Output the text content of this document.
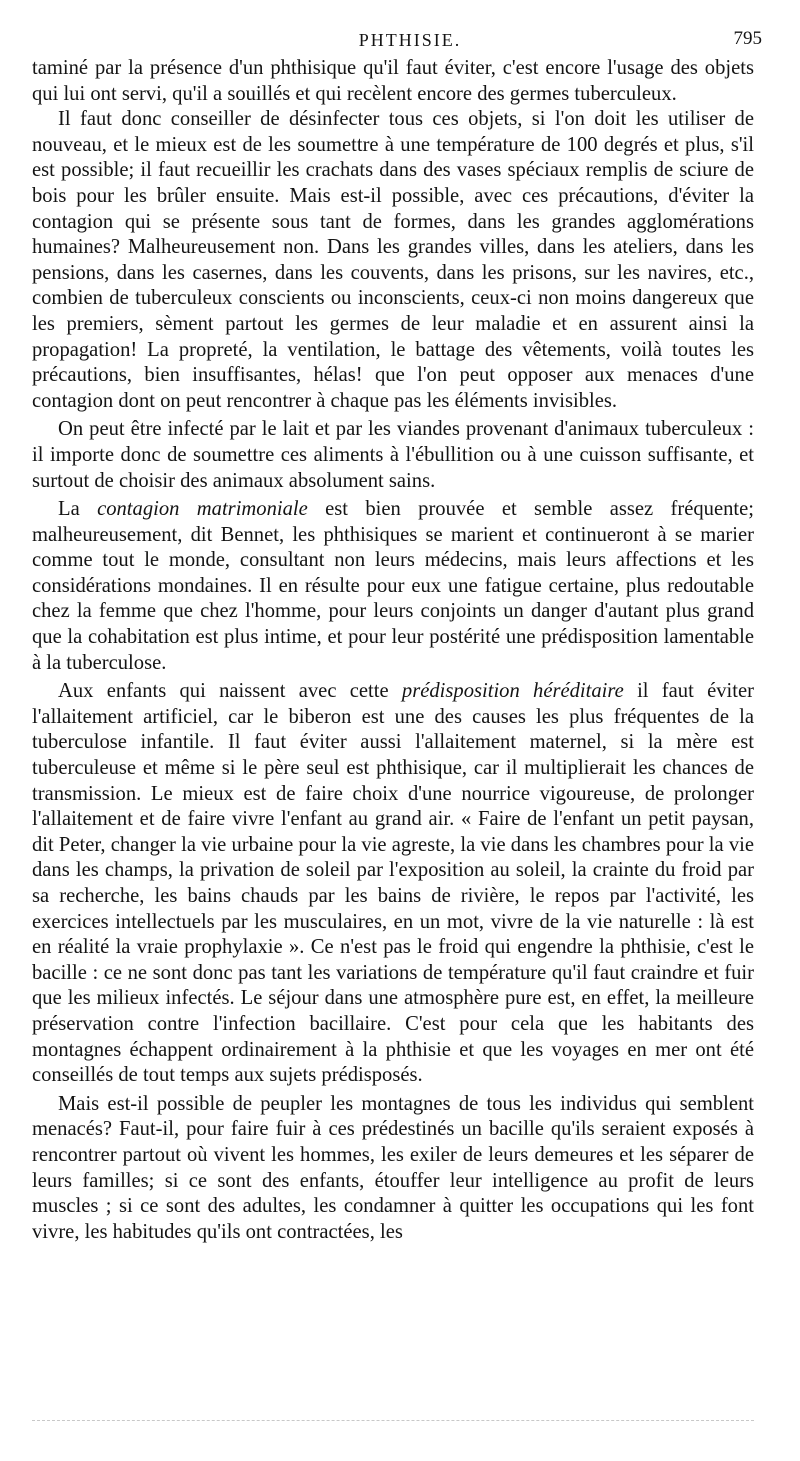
PHTHISIE.	795

taminé par la présence d'un phthisique qu'il faut éviter, c'est encore l'usage des objets qui lui ont servi, qu'il a souillés et qui recèlent encore des germes tuberculeux.

Il faut donc conseiller de désinfecter tous ces objets, si l'on doit les utiliser de nouveau, et le mieux est de les soumettre à une température de 100 degrés et plus, s'il est possible; il faut recueillir les crachats dans des vases spéciaux remplis de sciure de bois pour les brûler ensuite. Mais est-il possible, avec ces précautions, d'éviter la contagion qui se présente sous tant de formes, dans les grandes agglomérations humaines? Malheureusement non. Dans les grandes villes, dans les ateliers, dans les pensions, dans les casernes, dans les couvents, dans les prisons, sur les navires, etc., combien de tuberculeux conscients ou inconscients, ceux-ci non moins dangereux que les premiers, sèment partout les germes de leur maladie et en assurent ainsi la propagation! La propreté, la ventilation, le battage des vêtements, voilà toutes les précautions, bien insuffisantes, hélas! que l'on peut opposer aux menaces d'une contagion dont on peut rencontrer à chaque pas les éléments invisibles.

On peut être infecté par le lait et par les viandes provenant d'animaux tuberculeux : il importe donc de soumettre ces aliments à l'ébullition ou à une cuisson suffisante, et surtout de choisir des animaux absolument sains.

La contagion matrimoniale est bien prouvée et semble assez fréquente; malheureusement, dit Bennet, les phthisiques se marient et continueront à se marier comme tout le monde, consultant non leurs médecins, mais leurs affections et les considérations mondaines. Il en résulte pour eux une fatigue certaine, plus redoutable chez la femme que chez l'homme, pour leurs conjoints un danger d'autant plus grand que la cohabitation est plus intime, et pour leur postérité une prédisposition lamentable à la tuberculose.

Aux enfants qui naissent avec cette prédisposition héréditaire il faut éviter l'allaitement artificiel, car le biberon est une des causes les plus fréquentes de la tuberculose infantile. Il faut éviter aussi l'allaitement maternel, si la mère est tuberculeuse et même si le père seul est phthisique, car il multiplierait les chances de transmission. Le mieux est de faire choix d'une nourrice vigoureuse, de prolonger l'allaitement et de faire vivre l'enfant au grand air. « Faire de l'enfant un petit paysan, dit Peter, changer la vie urbaine pour la vie agreste, la vie dans les chambres pour la vie dans les champs, la privation de soleil par l'exposition au soleil, la crainte du froid par sa recherche, les bains chauds par les bains de rivière, le repos par l'activité, les exercices intellectuels par les musculaires, en un mot, vivre de la vie naturelle : là est en réalité la vraie prophylaxie ». Ce n'est pas le froid qui engendre la phthisie, c'est le bacille : ce ne sont donc pas tant les variations de température qu'il faut craindre et fuir que les milieux infectés. Le séjour dans une atmosphère pure est, en effet, la meilleure préservation contre l'infection bacillaire. C'est pour cela que les habitants des montagnes échappent ordinairement à la phthisie et que les voyages en mer ont été conseillés de tout temps aux sujets prédisposés.

Mais est-il possible de peupler les montagnes de tous les individus qui semblent menacés? Faut-il, pour faire fuir à ces prédestinés un bacille qu'ils seraient exposés à rencontrer partout où vivent les hommes, les exiler de leurs demeures et les séparer de leurs familles; si ce sont des enfants, étouffer leur intelligence au profit de leurs muscles ; si ce sont des adultes, les condamner à quitter les occupations qui les font vivre, les habitudes qu'ils ont contractées, les
